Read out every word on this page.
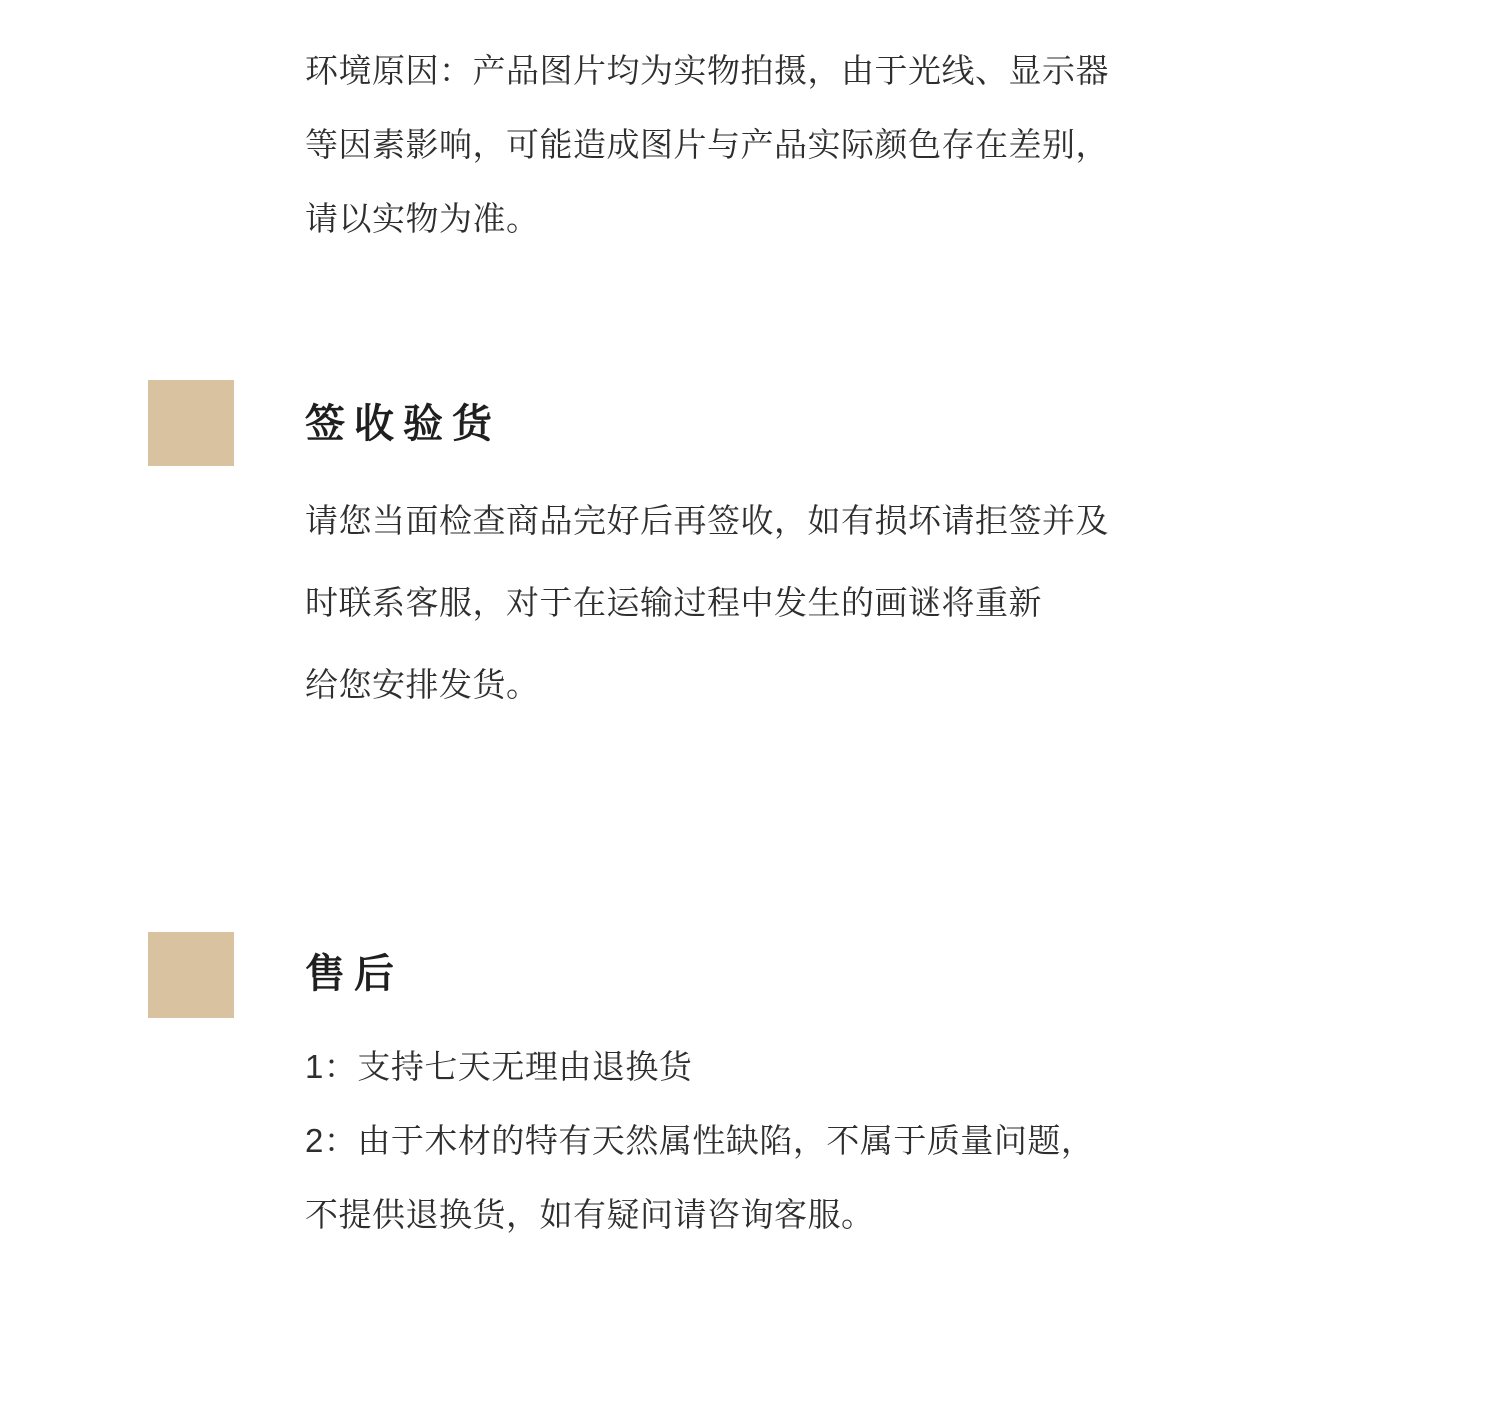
环境原因：产品图片均为实物拍摄，由于光线、显示器
等因素影响，可能造成图片与产品实际颜色存在差别，
请以实物为准。
签收验货
请您当面检查商品完好后再签收，如有损坏请拒签并及
时联系客服，对于在运输过程中发生的画谜将重新
给您安排发货。
售后
1：支持七天无理由退换货
2：由于木材的特有天然属性缺陷，不属于质量问题，
不提供退换货，如有疑问请咨询客服。
